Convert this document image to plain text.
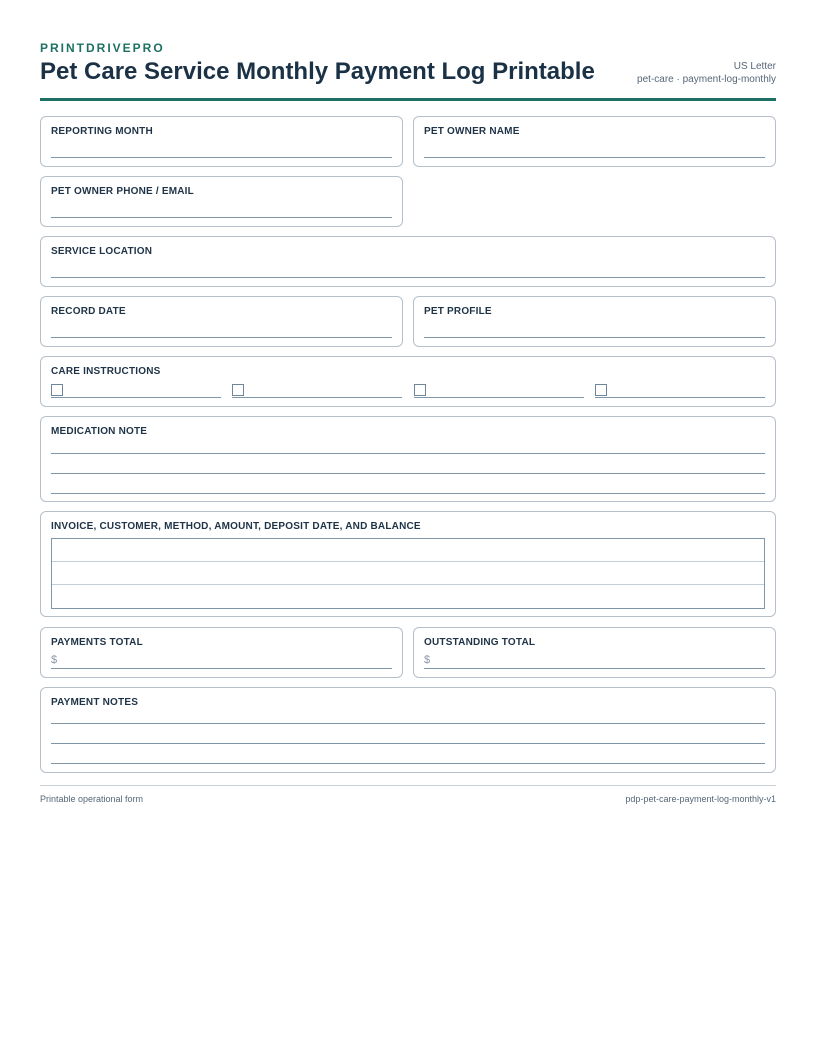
PRINTDRIVEPRO
Pet Care Service Monthly Payment Log Printable	US Letter
pet-care · payment-log-monthly
REPORTING MONTH	PET OWNER NAME
PET OWNER PHONE / EMAIL
SERVICE LOCATION
RECORD DATE	PET PROFILE
CARE INSTRUCTIONS
MEDICATION NOTE
INVOICE, CUSTOMER, METHOD, AMOUNT, DEPOSIT DATE, AND BALANCE
PAYMENTS TOTAL
$
OUTSTANDING TOTAL
$
PAYMENT NOTES
Printable operational form	pdp-pet-care-payment-log-monthly-v1
